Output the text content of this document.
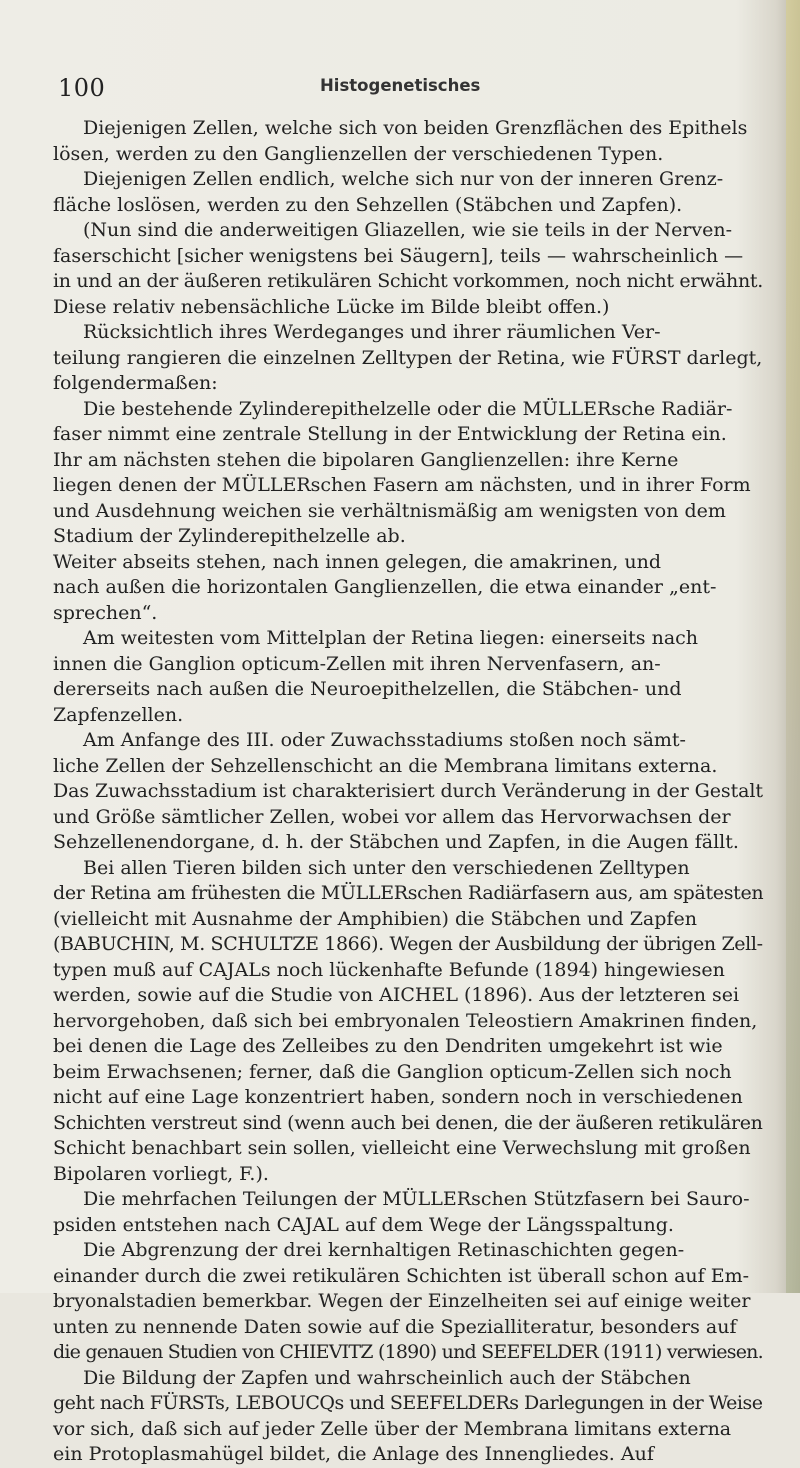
100	Histogenetisches
Diejenigen Zellen, welche sich von beiden Grenzflächen des Epithels
lösen, werden zu den Ganglienzellen der verschiedenen Typen.
Diejenigen Zellen endlich, welche sich nur von der inneren Grenz-
fläche loslösen, werden zu den Sehzellen (Stäbchen und Zapfen).
(Nun sind die anderweitigen Gliazellen, wie sie teils in der Nerven-
faserschicht [sicher wenigstens bei Säugern], teils — wahrscheinlich —
in und an der äußeren retikulären Schicht vorkommen, noch nicht erwähnt.
Diese relativ nebensächliche Lücke im Bilde bleibt offen.)
Rücksichtlich ihres Werdeganges und ihrer räumlichen Ver-
teilung rangieren die einzelnen Zelltypen der Retina, wie FÜRST darlegt,
folgendermaßen:
Die bestehende Zylinderepithelzelle oder die MÜLLERsche Radiär-
faser nimmt eine zentrale Stellung in der Entwicklung der Retina ein.
Ihr am nächsten stehen die bipolaren Ganglienzellen: ihre Kerne
liegen denen der MÜLLERschen Fasern am nächsten, und in ihrer Form
und Ausdehnung weichen sie verhältnismäßig am wenigsten von dem
Stadium der Zylinderepithelzelle ab.
Weiter abseits stehen, nach innen gelegen, die amakrinen, und
nach außen die horizontalen Ganglienzellen, die etwa einander „ent-
sprechen“.
Am weitesten vom Mittelplan der Retina liegen: einerseits nach
innen die Ganglion opticum-Zellen mit ihren Nervenfasern, an-
dererseits nach außen die Neuroepithelzellen, die Stäbchen- und
Zapfenzellen.
Am Anfange des III. oder Zuwachsstadiums stoßen noch sämt-
liche Zellen der Sehzellenschicht an die Membrana limitans externa.
Das Zuwachsstadium ist charakterisiert durch Veränderung in der Gestalt
und Größe sämtlicher Zellen, wobei vor allem das Hervorwachsen der
Sehzellenendorgane, d. h. der Stäbchen und Zapfen, in die Augen fällt.
Bei allen Tieren bilden sich unter den verschiedenen Zelltypen
der Retina am frühesten die MÜLLERschen Radiärfasern aus, am spätesten
(vielleicht mit Ausnahme der Amphibien) die Stäbchen und Zapfen
(BABUCHIN, M. SCHULTZE 1866). Wegen der Ausbildung der übrigen Zell-
typen muß auf CAJALs noch lückenhafte Befunde (1894) hingewiesen
werden, sowie auf die Studie von AICHEL (1896). Aus der letzteren sei
hervorgehoben, daß sich bei embryonalen Teleostiern Amakrinen finden,
bei denen die Lage des Zelleibes zu den Dendriten umgekehrt ist wie
beim Erwachsenen; ferner, daß die Ganglion opticum-Zellen sich noch
nicht auf eine Lage konzentriert haben, sondern noch in verschiedenen
Schichten verstreut sind (wenn auch bei denen, die der äußeren retikulären
Schicht benachbart sein sollen, vielleicht eine Verwechslung mit großen
Bipolaren vorliegt, F.).
Die mehrfachen Teilungen der MÜLLERschen Stützfasern bei Sauro-
psiden entstehen nach CAJAL auf dem Wege der Längsspaltung.
Die Abgrenzung der drei kernhaltigen Retinaschichten gegen-
einander durch die zwei retikulären Schichten ist überall schon auf Em-
bryonalstadien bemerkbar. Wegen der Einzelheiten sei auf einige weiter
unten zu nennende Daten sowie auf die Spezialliteratur, besonders auf
die genauen Studien von CHIEVITZ (1890) und SEEFELDER (1911) verwiesen.
Die Bildung der Zapfen und wahrscheinlich auch der Stäbchen
geht nach FÜRSTs, LEBOUCQs und SEEFELDERs Darlegungen in der Weise
vor sich, daß sich auf jeder Zelle über der Membrana limitans externa
ein Protoplasmahügel bildet, die Anlage des Innengliedes. Auf
